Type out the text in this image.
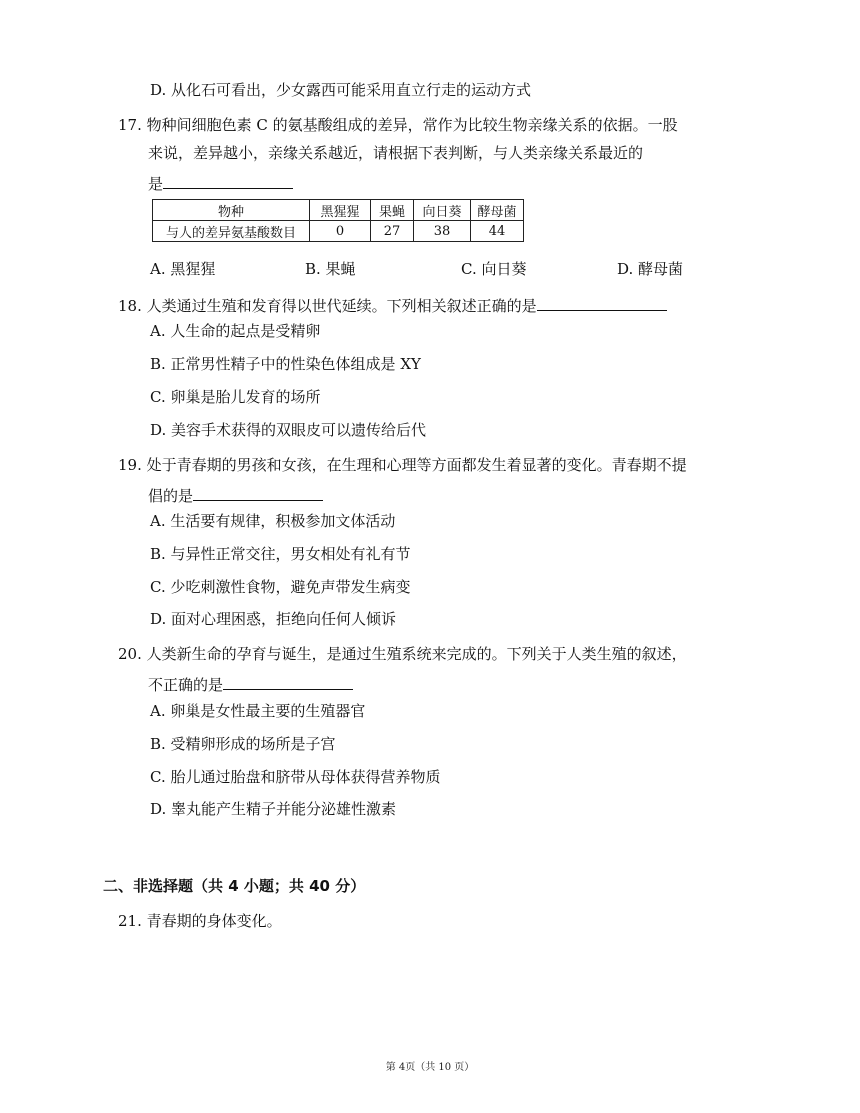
D. 从化石可看出，少女露西可能采用直立行走的运动方式
17. 物种间细胞色素 C 的氨基酸组成的差异，常作为比较生物亲缘关系的依据。一股
来说，差异越小，亲缘关系越近，请根据下表判断，与人类亲缘关系最近的
是
物种	黑猩猩	果蝇	向日葵	酵母菌
与人的差异氨基酸数目	0	27	38	44
A. 黑猩猩	B. 果蝇	C. 向日葵	D. 酵母菌
18. 人类通过生殖和发育得以世代延续。下列相关叙述正确的是
A. 人生命的起点是受精卵
B. 正常男性精子中的性染色体组成是 XY
C. 卵巢是胎儿发育的场所
D. 美容手术获得的双眼皮可以遗传给后代
19. 处于青春期的男孩和女孩，在生理和心理等方面都发生着显著的变化。青春期不提
倡的是
A. 生活要有规律，积极参加文体活动
B. 与异性正常交往，男女相处有礼有节
C. 少吃刺激性食物，避免声带发生病变
D. 面对心理困惑，拒绝向任何人倾诉
20. 人类新生命的孕育与诞生，是通过生殖系统来完成的。下列关于人类生殖的叙述，
不正确的是
A. 卵巢是女性最主要的生殖器官
B. 受精卵形成的场所是子宫
C. 胎儿通过胎盘和脐带从母体获得营养物质
D. 睾丸能产生精子并能分泌雄性激素
二、非选择题（共 4 小题；共 40 分）
21. 青春期的身体变化。
第 4页（共 10 页）
